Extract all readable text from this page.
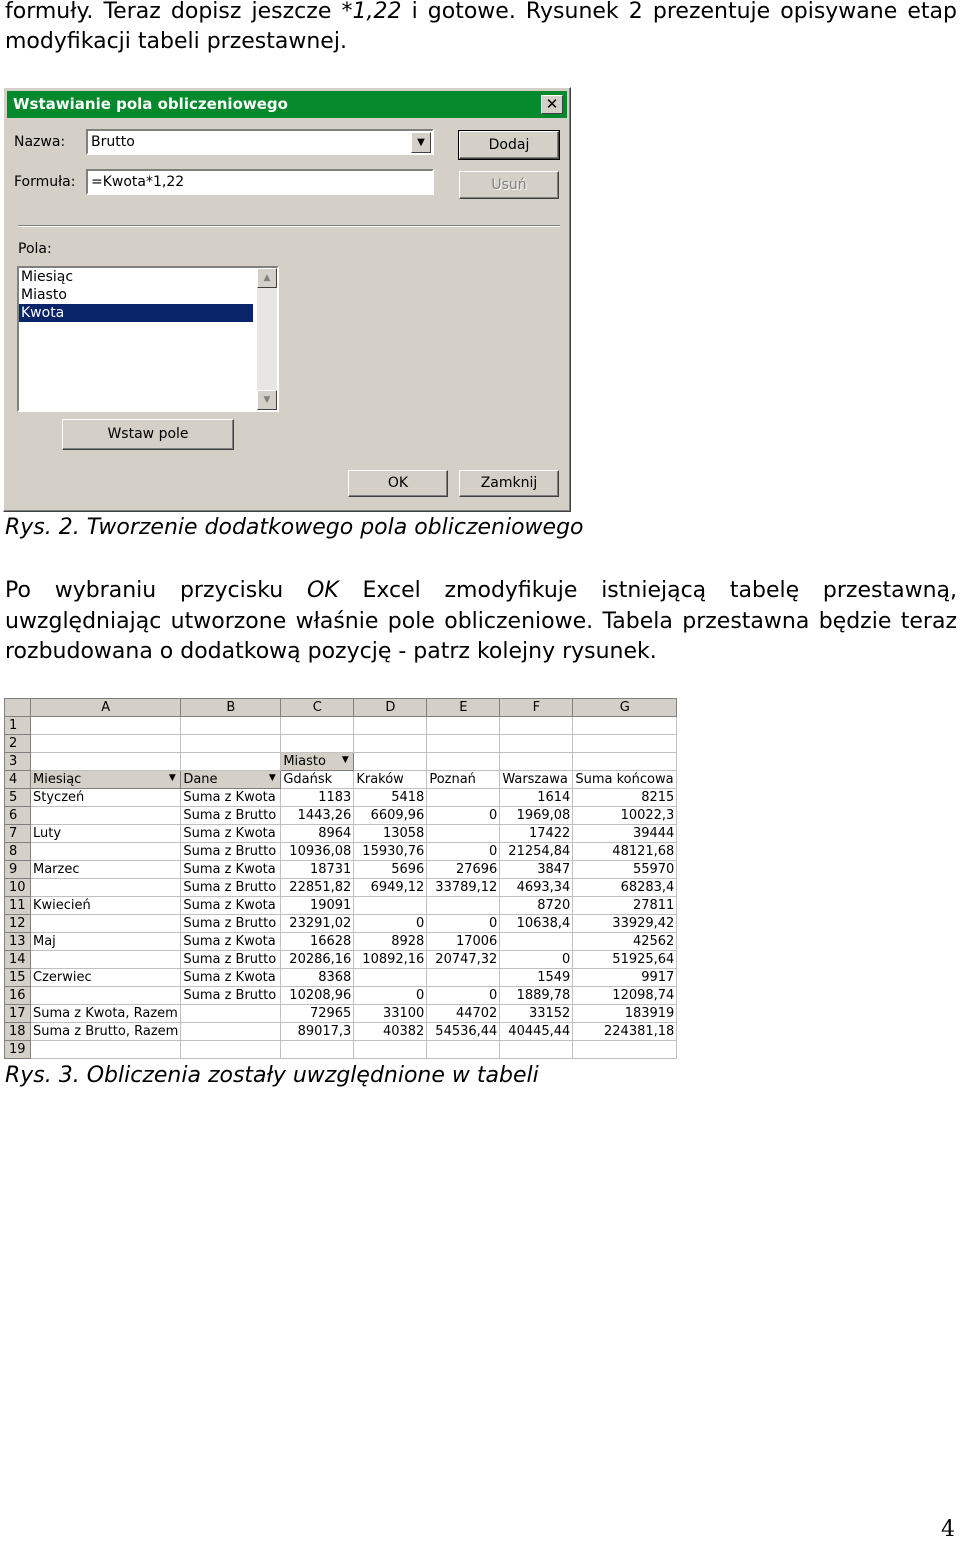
formuły. Teraz dopisz jeszcze *1,22 i gotowe. Rysunek 2 prezentuje opisywane etap

modyfikacji tabeli przestawnej.

Wstawianie pola obliczeniowego	✕
Nazwa:	Brutto	▼
Formuła:	=Kwota*1,22
Dodaj
Usuń
Pola:
Miesiąc
Miasto
Kwota
▲
▼
Wstaw pole
OK	Zamknij

Rys. 2. Tworzenie dodatkowego pola obliczeniowego

Po wybraniu przycisku OK Excel zmodyfikuje istniejącą tabelę przestawną,

uwzględniając utworzone właśnie pole obliczeniowe. Tabela przestawna będzie teraz

rozbudowana o dodatkową pozycję - patrz kolejny rysunek.

	A	B	C	D	E	F	G
1							
2							
3			Miasto ▼				

4	Miesiąc ▼	Dane ▼	Gdańsk	Kraków	Poznań	Warszawa	Suma końcowa
5	Styczeń	Suma z Kwota	1183	5418		1614	8215
6		Suma z Brutto	1443,26	6609,96	0	1969,08	10022,3
7	Luty	Suma z Kwota	8964	13058		17422	39444
8		Suma z Brutto	10936,08	15930,76	0	21254,84	48121,68
9	Marzec	Suma z Kwota	18731	5696	27696	3847	55970
10		Suma z Brutto	22851,82	6949,12	33789,12	4693,34	68283,4
11	Kwiecień	Suma z Kwota	19091			8720	27811
12		Suma z Brutto	23291,02	0	0	10638,4	33929,42
13	Maj	Suma z Kwota	16628	8928	17006		42562
14		Suma z Brutto	20286,16	10892,16	20747,32	0	51925,64
15	Czerwiec	Suma z Kwota	8368			1549	9917
16		Suma z Brutto	10208,96	0	0	1889,78	12098,74
17	Suma z Kwota, Razem		72965	33100	44702	33152	183919
18	Suma z Brutto, Razem		89017,3	40382	54536,44	40445,44	224381,18
19							

Rys. 3. Obliczenia zostały uwzględnione w tabeli

4
